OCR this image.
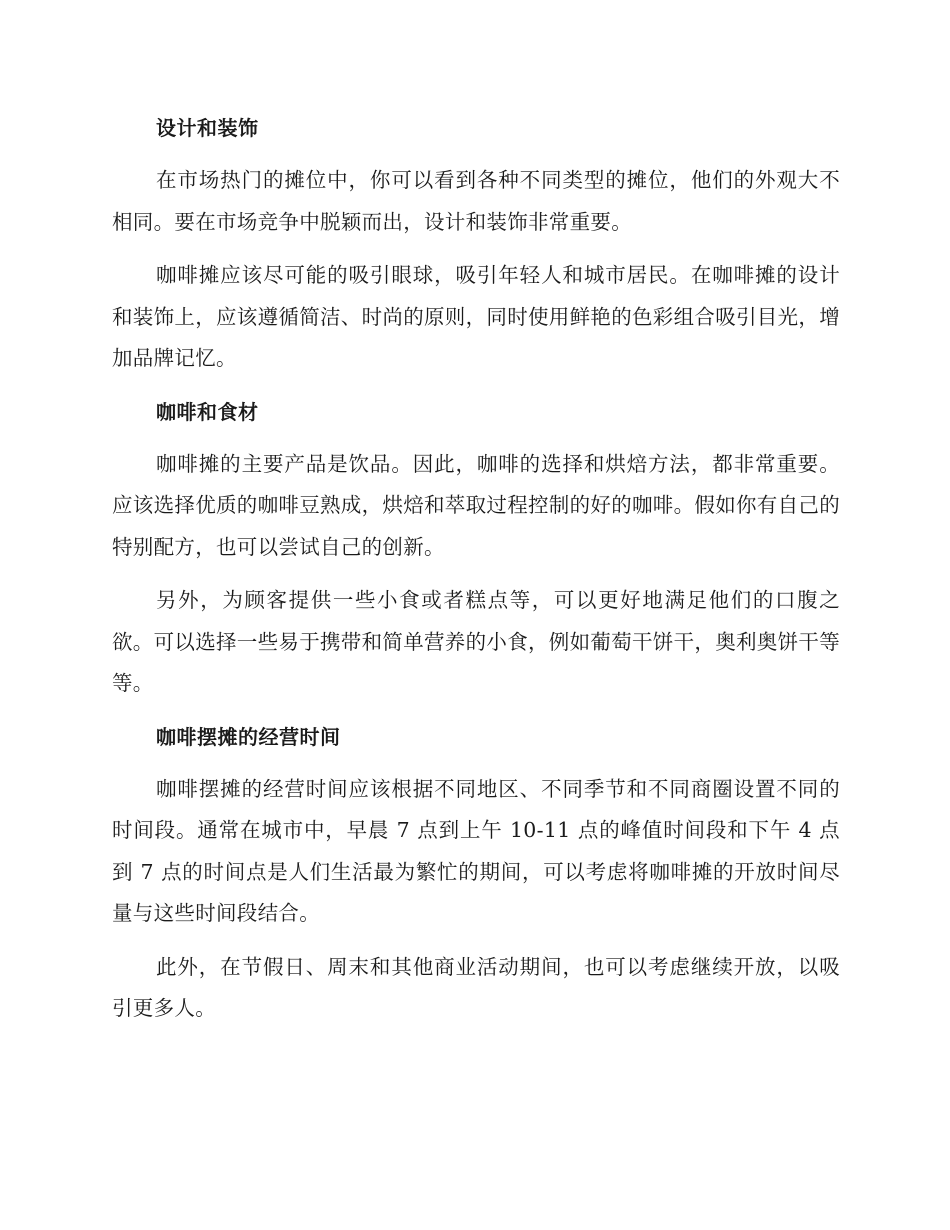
设计和装饰

在市场热门的摊位中，你可以看到各种不同类型的摊位，他们的外观大不相同。要在市场竞争中脱颖而出，设计和装饰非常重要。

咖啡摊应该尽可能的吸引眼球，吸引年轻人和城市居民。在咖啡摊的设计和装饰上，应该遵循简洁、时尚的原则，同时使用鲜艳的色彩组合吸引目光，增加品牌记忆。

咖啡和食材

咖啡摊的主要产品是饮品。因此，咖啡的选择和烘焙方法，都非常重要。应该选择优质的咖啡豆熟成，烘焙和萃取过程控制的好的咖啡。假如你有自己的特别配方，也可以尝试自己的创新。

另外，为顾客提供一些小食或者糕点等，可以更好地满足他们的口腹之欲。可以选择一些易于携带和简单营养的小食，例如葡萄干饼干，奥利奥饼干等等。

咖啡摆摊的经营时间

咖啡摆摊的经营时间应该根据不同地区、不同季节和不同商圈设置不同的时间段。通常在城市中，早晨 7 点到上午 10-11 点的峰值时间段和下午 4 点到 7 点的时间点是人们生活最为繁忙的期间，可以考虑将咖啡摊的开放时间尽量与这些时间段结合。

此外，在节假日、周末和其他商业活动期间，也可以考虑继续开放，以吸引更多人。
